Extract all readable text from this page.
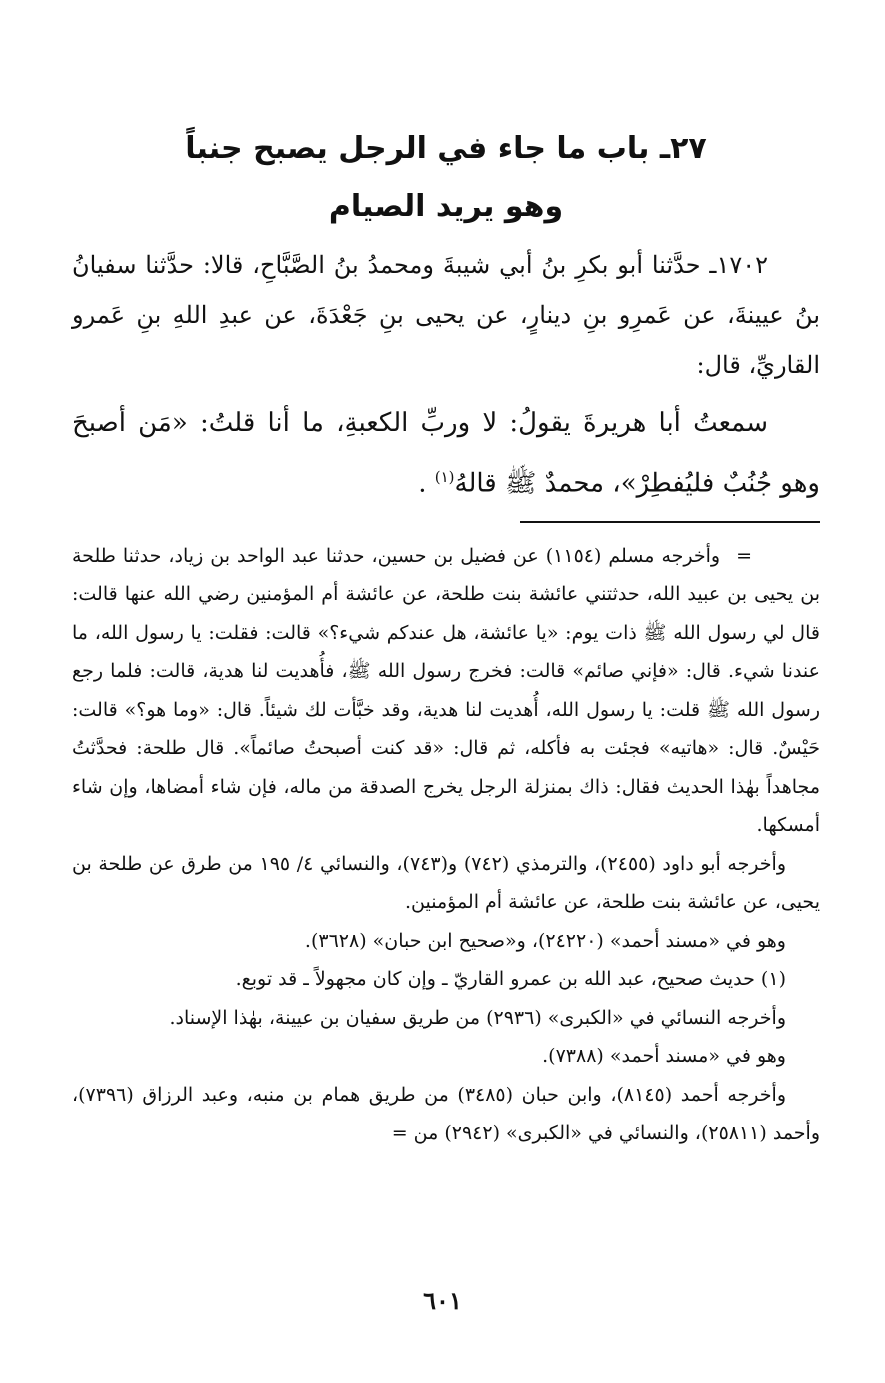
٢٧ـ باب ما جاء في الرجل يصبح جنباً
وهو يريد الصيام

١٧٠٢ـ حدَّثنا أبو بكرِ بنُ أبي شيبةَ ومحمدُ بنُ الصَّبَّاحِ، قالا: حدَّثنا سفيانُ بنُ عيينةَ، عن عَمرِو بنِ دينارٍ، عن يحيى بنِ جَعْدَةَ، عن عبدِ اللهِ بنِ عَمرو القاريِّ، قال:

سمعتُ أبا هريرةَ يقولُ: لا وربِّ الكعبةِ، ما أنا قلتُ: «مَن أصبحَ وهو جُنُبٌ فليُفطِرْ»، محمدٌ ﷺ قالهُ$^{(١)}$ .

=وأخرجه مسلم (١١٥٤) عن فضيل بن حسين، حدثنا عبد الواحد بن زياد، حدثنا طلحة بن يحيى بن عبيد الله، حدثتني عائشة بنت طلحة، عن عائشة أم المؤمنين رضي الله عنها قالت: قال لي رسول الله ﷺ ذات يوم: «يا عائشة، هل عندكم شيء؟» قالت: فقلت: يا رسول الله، ما عندنا شيء. قال: «فإني صائم» قالت: فخرج رسول الله ﷺ، فأُهديت لنا هدية، قالت: فلما رجع رسول الله ﷺ قلت: يا رسول الله، أُهديت لنا هدية، وقد خبَّأت لك شيئاً. قال: «وما هو؟» قالت: حَيْسٌ. قال: «هاتيه» فجئت به فأكله، ثم قال: «قد كنت أصبحتُ صائماً». قال طلحة: فحدَّثتُ مجاهداً بهٰذا الحديث فقال: ذاك بمنزلة الرجل يخرج الصدقة من ماله، فإن شاء أمضاها، وإن شاء أمسكها.

وأخرجه أبو داود (٢٤٥٥)، والترمذي (٧٤٢) و(٧٤٣)، والنسائي ٤/ ١٩٥ من طرق عن طلحة بن يحيى، عن عائشة بنت طلحة، عن عائشة أم المؤمنين.

وهو في «مسند أحمد» (٢٤٢٢٠)، و«صحيح ابن حبان» (٣٦٢٨).

(١) حديث صحيح، عبد الله بن عمرو القاريّ ـ وإن كان مجهولاً ـ قد توبع.

وأخرجه النسائي في «الكبرى» (٢٩٣٦) من طريق سفيان بن عيينة، بهٰذا الإسناد.

وهو في «مسند أحمد» (٧٣٨٨).

وأخرجه أحمد (٨١٤٥)، وابن حبان (٣٤٨٥) من طريق همام بن منبه، وعبد الرزاق (٧٣٩٦)، وأحمد (٢٥٨١١)، والنسائي في «الكبرى» (٢٩٤٢) من =

٦٠١
